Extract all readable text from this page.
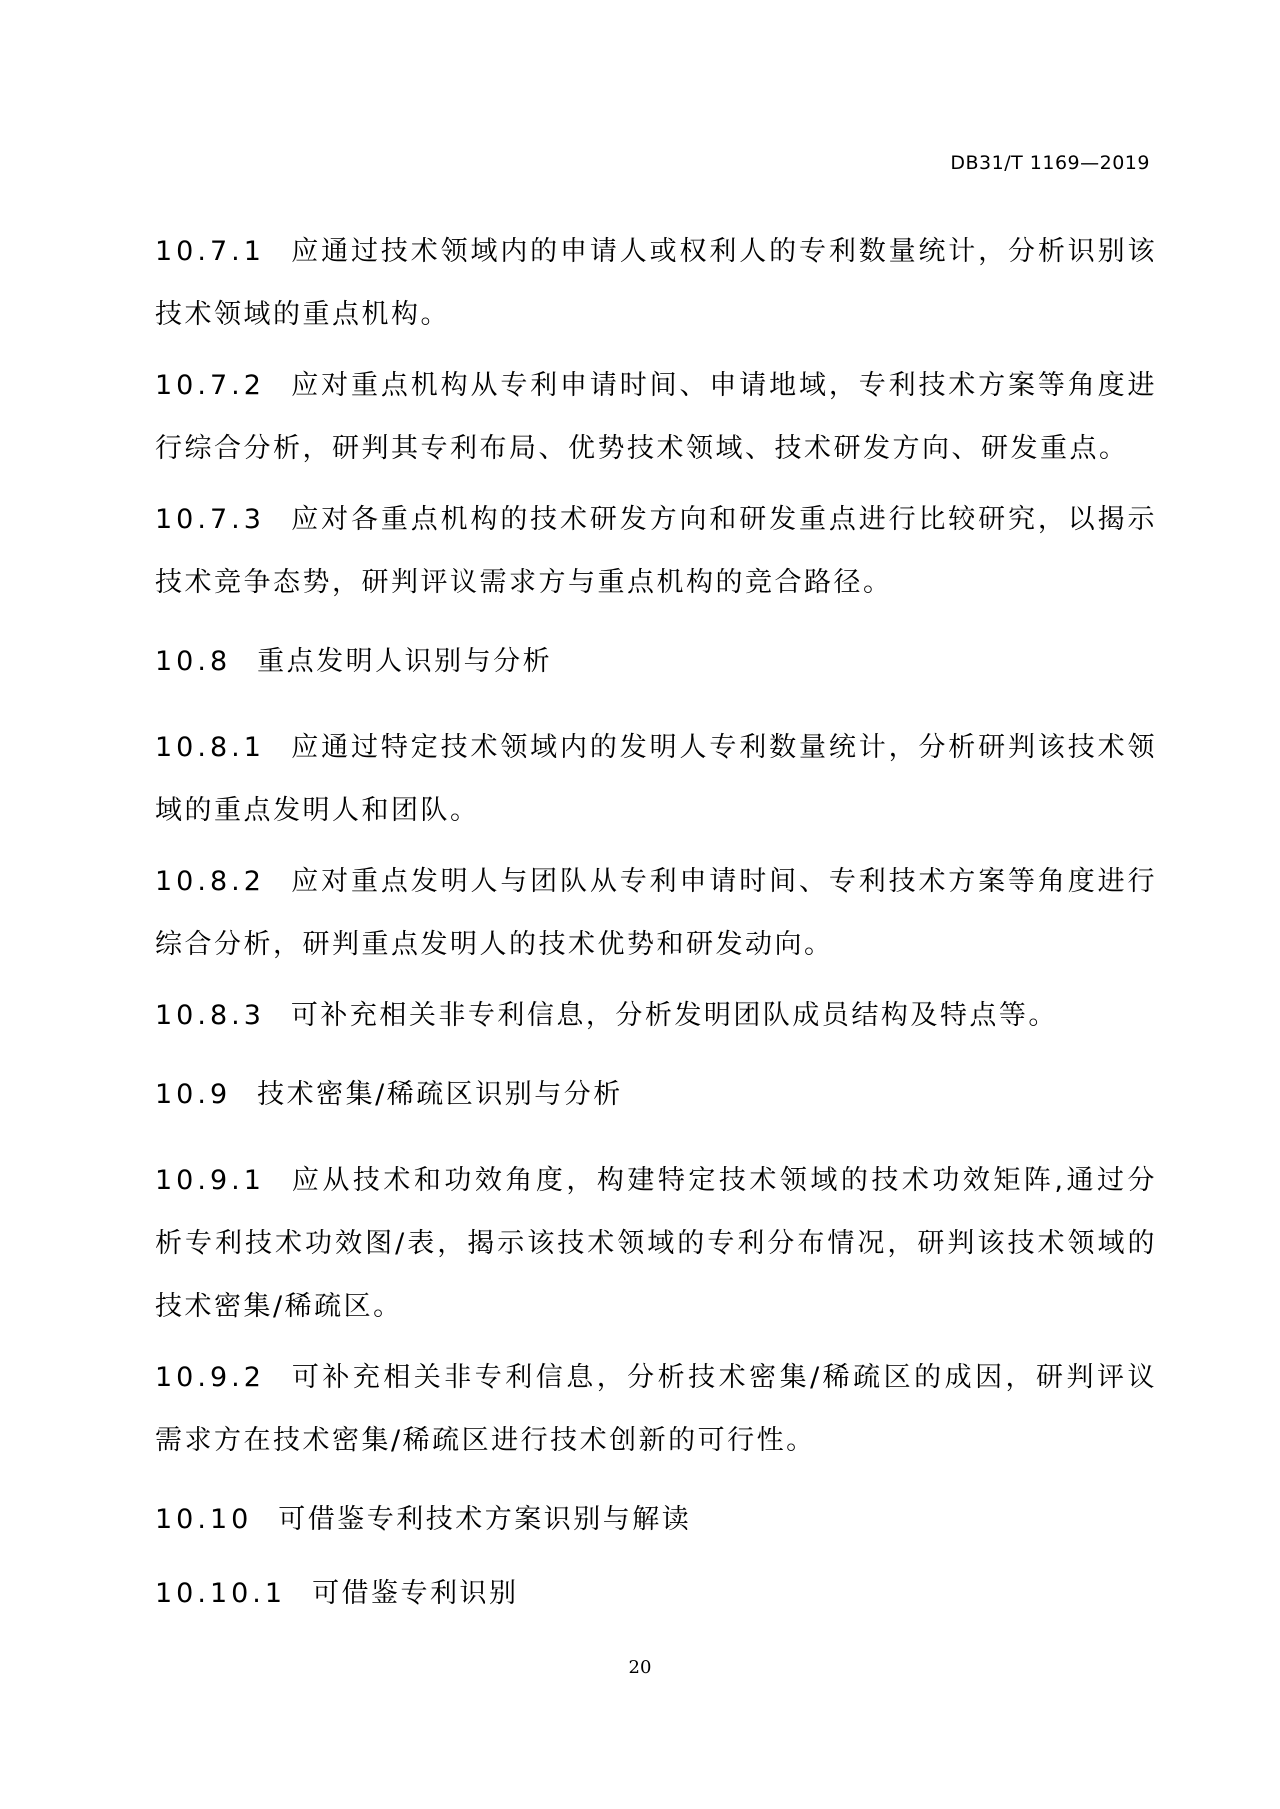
DB31/T 1169—2019

10.7.1 应通过技术领域内的申请人或权利人的专利数量统计，分析识别该技术领域的重点机构。

10.7.2 应对重点机构从专利申请时间、申请地域，专利技术方案等角度进行综合分析，研判其专利布局、优势技术领域、技术研发方向、研发重点。

10.7.3 应对各重点机构的技术研发方向和研发重点进行比较研究，以揭示技术竞争态势，研判评议需求方与重点机构的竞合路径。

10.8 重点发明人识别与分析

10.8.1 应通过特定技术领域内的发明人专利数量统计，分析研判该技术领域的重点发明人和团队。

10.8.2 应对重点发明人与团队从专利申请时间、专利技术方案等角度进行综合分析，研判重点发明人的技术优势和研发动向。

10.8.3 可补充相关非专利信息，分析发明团队成员结构及特点等。

10.9 技术密集/稀疏区识别与分析

10.9.1 应从技术和功效角度，构建特定技术领域的技术功效矩阵,通过分析专利技术功效图/表，揭示该技术领域的专利分布情况，研判该技术领域的技术密集/稀疏区。

10.9.2 可补充相关非专利信息，分析技术密集/稀疏区的成因，研判评议需求方在技术密集/稀疏区进行技术创新的可行性。

10.10 可借鉴专利技术方案识别与解读
10.10.1 可借鉴专利识别
20
